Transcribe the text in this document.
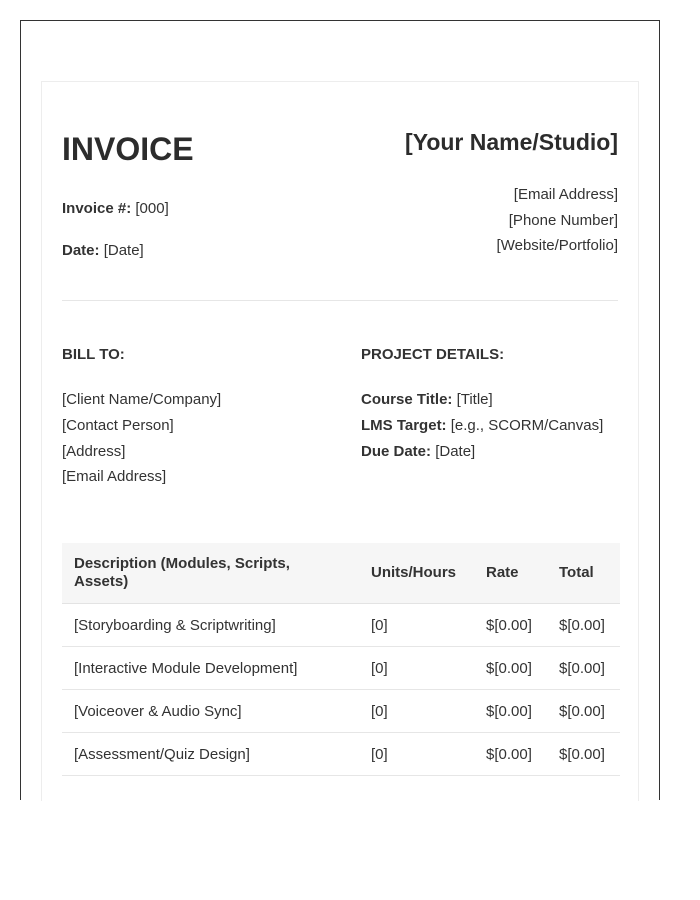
INVOICE
Invoice #: [000]
Date: [Date]
[Your Name/Studio]
[Email Address]
[Phone Number]
[Website/Portfolio]
BILL TO:
[Client Name/Company]
[Contact Person]
[Address]
[Email Address]
PROJECT DETAILS:
Course Title: [Title]
LMS Target: [e.g., SCORM/Canvas]
Due Date: [Date]
Description (Modules, Scripts, Assets)	Units/Hours	Rate	Total
[Storyboarding & Scriptwriting]	[0]	$[0.00]	$[0.00]
[Interactive Module Development]	[0]	$[0.00]	$[0.00]
[Voiceover & Audio Sync]	[0]	$[0.00]	$[0.00]
[Assessment/Quiz Design]	[0]	$[0.00]	$[0.00]
